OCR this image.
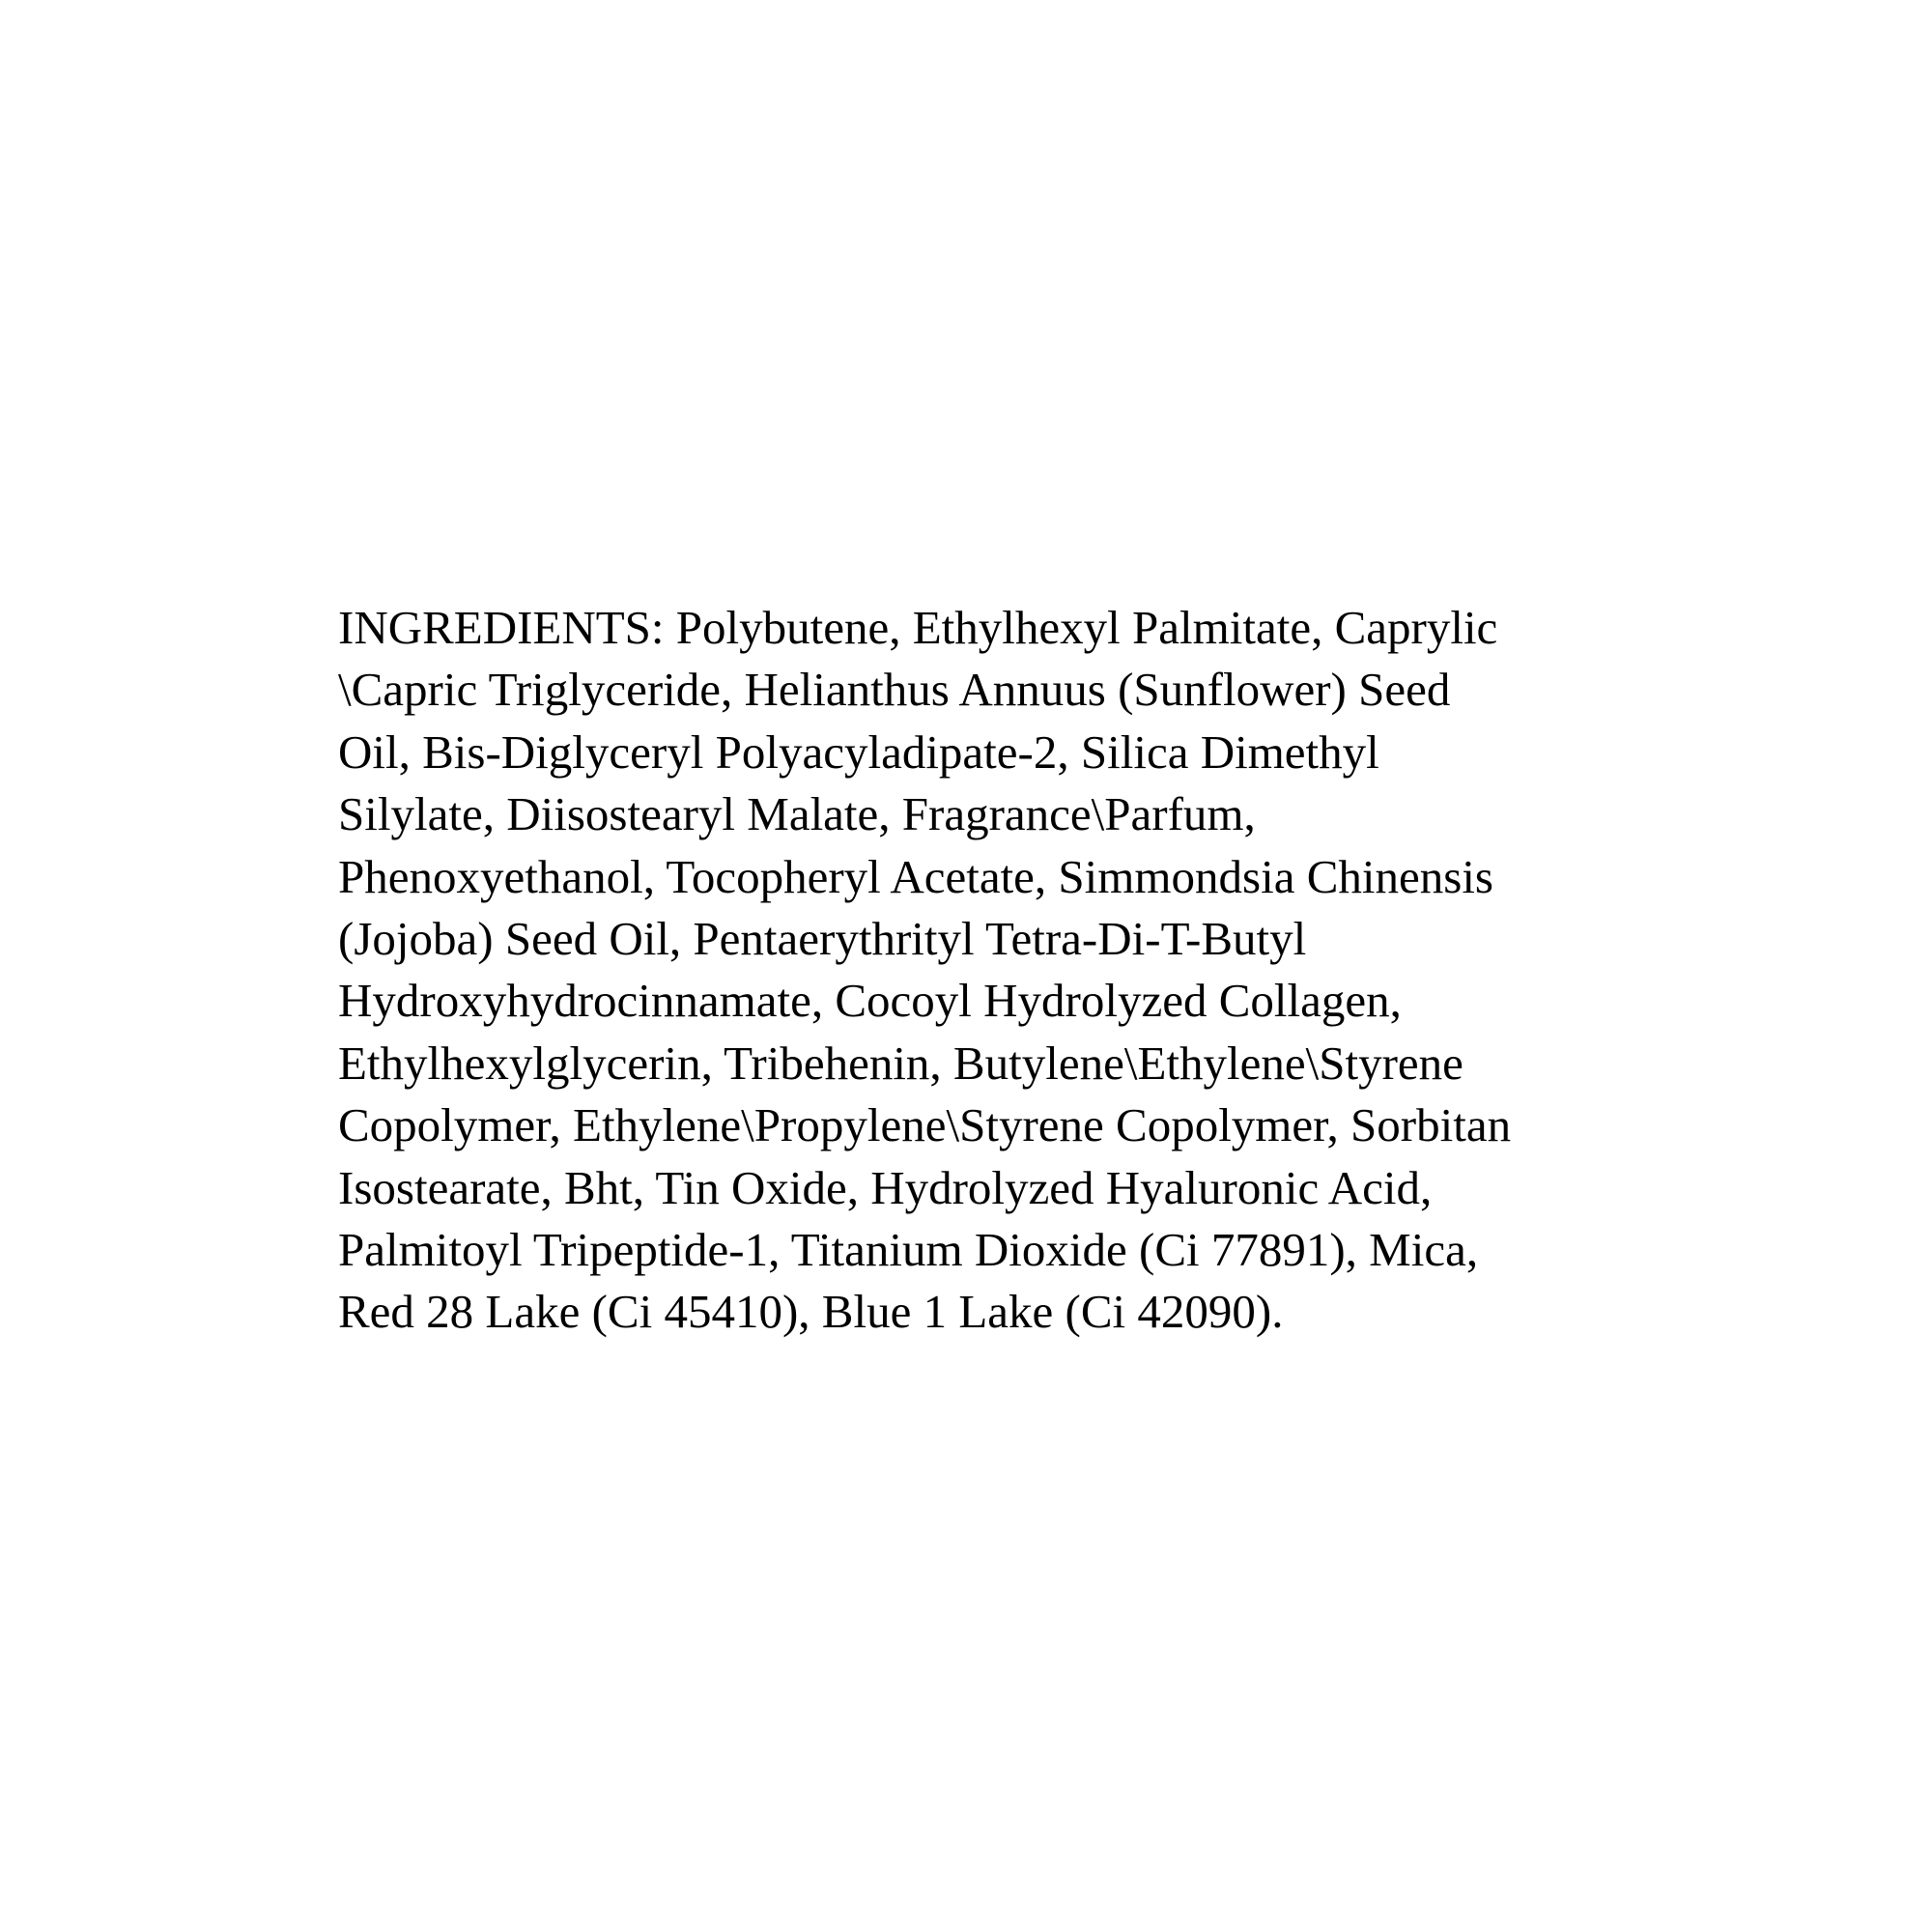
INGREDIENTS: Polybutene, Ethylhexyl Palmitate, Caprylic
\Capric Triglyceride, Helianthus Annuus (Sunflower) Seed
Oil, Bis-Diglyceryl Polyacyladipate-2, Silica Dimethyl
Silylate, Diisostearyl Malate, Fragrance\Parfum,
Phenoxyethanol, Tocopheryl Acetate, Simmondsia Chinensis
(Jojoba) Seed Oil, Pentaerythrityl Tetra-Di-T-Butyl
Hydroxyhydrocinnamate, Cocoyl Hydrolyzed Collagen,
Ethylhexylglycerin, Tribehenin, Butylene\Ethylene\Styrene
Copolymer, Ethylene\Propylene\Styrene Copolymer, Sorbitan
Isostearate, Bht, Tin Oxide, Hydrolyzed Hyaluronic Acid,
Palmitoyl Tripeptide-1, Titanium Dioxide (Ci 77891), Mica,
Red 28 Lake (Ci 45410), Blue 1 Lake (Ci 42090).
